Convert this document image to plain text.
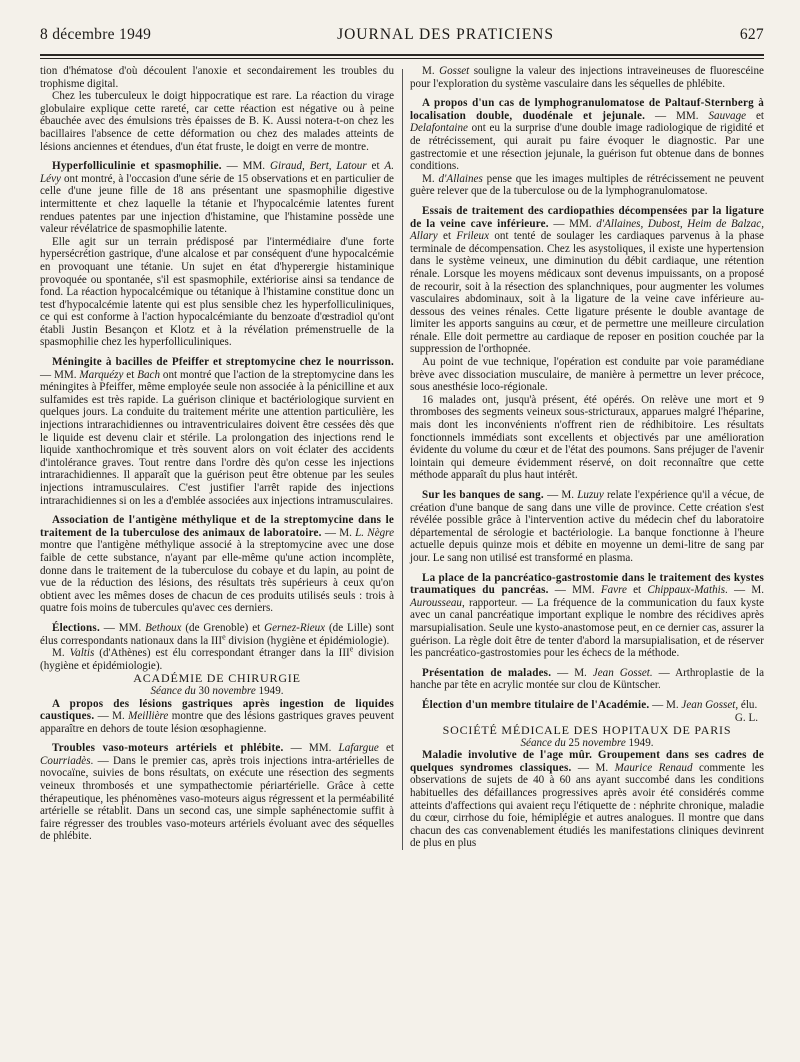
8 décembre 1949	JOURNAL DES PRATICIENS	627

tion d'hématose d'où découlent l'anoxie et secondairement les troubles du trophisme digital.

Chez les tuberculeux le doigt hippocratique est rare. La réaction du virage globulaire explique cette rareté, car cette réaction est négative ou à peine ébauchée avec des émulsions très épaisses de B. K. Aussi notera-t-on chez les bacillaires l'absence de cette déformation ou chez des malades atteints de lésions anciennes et étendues, d'un état fruste, le doigt en verre de montre.

Hyperfolliculinie et spasmophilie. — MM. Giraud, Bert, Latour et A. Lévy ont montré, à l'occasion d'une série de 15 observations et en particulier de celle d'une jeune fille de 18 ans présentant une spasmophilie digestive intermittente et chez laquelle la tétanie et l'hypocalcémie latentes furent rendues patentes par une injection d'histamine, que l'histamine possède une valeur révélatrice de spasmophilie latente.

Elle agit sur un terrain prédisposé par l'intermédiaire d'une forte hypersécrétion gastrique, d'une alcalose et par conséquent d'une hypocalcémie en provoquant une tétanie. Un sujet en état d'hyperergie histaminique provoquée ou spontanée, s'il est spasmophile, extériorise ainsi sa tendance de fond. La réaction hypocalcémique ou tétanique à l'histamine constitue donc un test d'hypocalcémie latente qui est plus sensible chez les hyperfolliculiniques, ce qui est conforme à l'action hypocalcémiante du benzoate d'œstradiol qu'ont établi Justin Besançon et Klotz et à la révélation prémenstruelle de la spasmophilie chez les hyperfolliculiniques.

Méningite à bacilles de Pfeiffer et streptomycine chez le nourrisson. — MM. Marquézy et Bach ont montré que l'action de la streptomycine dans les méningites à Pfeiffer, même employée seule non associée à la pénicilline et aux sulfamides est très rapide. La guérison clinique et bactériologique survient en quelques jours. La conduite du traitement mérite une attention particulière, les injections intrarachidiennes ou intraventriculaires doivent être cessées dès que le liquide est devenu clair et stérile. La prolongation des injections rend le liquide xanthochromique et très souvent alors on voit éclater des accidents d'intolérance graves. Tout rentre dans l'ordre dès qu'on cesse les injections intrarachidiennes. Il apparaît que la guérison peut être obtenue par les seules injections intramusculaires. C'est justifier l'arrêt rapide des injections intrarachidiennes si on les a d'emblée associées aux injections intramusculaires.

Association de l'antigène méthylique et de la streptomycine dans le traitement de la tuberculose des animaux de laboratoire. — M. L. Nègre montre que l'antigène méthylique associé à la streptomycine avec une dose faible de cette substance, n'ayant par elle-même qu'une action incomplète, donne dans le traitement de la tuberculose du cobaye et du lapin, au point de vue de la réduction des lésions, des résultats très supérieurs à ceux qu'on obtient avec les mêmes doses de chacun de ces produits utilisés seuls : trois à quatre fois moins de tubercules qu'avec ces derniers.

Élections. — MM. Bethoux (de Grenoble) et Gernez-Rieux (de Lille) sont élus correspondants nationaux dans la IIIe division (hygiène et épidémiologie).

M. Valtis (d'Athènes) est élu correspondant étranger dans la IIIe division (hygiène et épidémiologie).

ACADÉMIE DE CHIRURGIE

Séance du 30 novembre 1949.

A propos des lésions gastriques après ingestion de liquides caustiques. — M. Meillière montre que des lésions gastriques graves peuvent apparaître en dehors de toute lésion œsophagienne.

Troubles vaso-moteurs artériels et phlébite. — MM. Lafargue et Courriadès. — Dans le premier cas, après trois injections intra-artérielles de novocaïne, suivies de bons résultats, on exécute une résection des segments veineux thrombosés et une sympathectomie périartérielle. Grâce à cette thérapeutique, les phénomènes vaso-moteurs aigus régressent et la perméabilité artérielle se rétablit. Dans un second cas, une simple saphénectomie suffit à faire régresser des troubles vaso-moteurs artériels évoluant avec des séquelles de phlébite.

M. Gosset souligne la valeur des injections intraveineuses de fluorescéine pour l'exploration du système vasculaire dans les séquelles de phlébite.

A propos d'un cas de lymphogranulomatose de Paltauf-Sternberg à localisation double, duodénale et jejunale. — MM. Sauvage et Delafontaine ont eu la surprise d'une double image radiologique de rigidité et de rétrécissement, qui aurait pu faire évoquer le diagnostic. Par une gastrectomie et une résection jejunale, la guérison fut obtenue dans de bonnes conditions.

M. d'Allaines pense que les images multiples de rétrécissement ne peuvent guère relever que de la tuberculose ou de la lymphogranulomatose.

Essais de traitement des cardiopathies décompensées par la ligature de la veine cave inférieure. — MM. d'Allaines, Dubost, Heim de Balzac, Allary et Frileux ont tenté de soulager les cardiaques parvenus à la phase terminale de décompensation. Chez les asystoliques, il existe une hypertension dans le système veineux, une diminution du débit cardiaque, une rétention rénale. Lorsque les moyens médicaux sont devenus impuissants, on a proposé de recourir, soit à la résection des splanchniques, pour augmenter les volumes vasculaires abdominaux, soit à la ligature de la veine cave inférieure au-dessous des veines rénales. Cette ligature présente le double avantage de limiter les apports sanguins au cœur, et de permettre une meilleure circulation rénale. Elle doit permettre au cardiaque de reposer en position couchée par la suppression de l'orthopnée.

Au point de vue technique, l'opération est conduite par voie paramédiane brève avec dissociation musculaire, de manière à permettre un lever précoce, sous anesthésie loco-régionale.

16 malades ont, jusqu'à présent, été opérés. On relève une mort et 9 thromboses des segments veineux sous-stricturaux, apparues malgré l'héparine, mais dont les inconvénients n'offrent rien de rédhibitoire. Les résultats fonctionnels immédiats sont excellents et objectivés par une amélioration évidente du volume du cœur et de l'état des poumons. Sans préjuger de l'avenir lointain qui demeure évidemment réservé, on doit reconnaître que cette méthode apparaît du plus haut intérêt.

Sur les banques de sang. — M. Luzuy relate l'expérience qu'il a vécue, de création d'une banque de sang dans une ville de province. Cette création s'est révélée possible grâce à l'intervention active du médecin chef du laboratoire départemental de sérologie et bactériologie. La banque fonctionne à l'heure actuelle depuis quinze mois et débite en moyenne un demi-litre de sang par jour. Le sang non utilisé est transformé en plasma.

La place de la pancréatico-gastrostomie dans le traitement des kystes traumatiques du pancréas. — MM. Favre et Chippaux-Mathis. — M. Aurousseau, rapporteur. — La fréquence de la communication du faux kyste avec un canal pancréatique important explique le nombre des récidives après marsupialisation. Seule une kysto-anastomose peut, en ce dernier cas, assurer la guérison. La règle doit être de tenter d'abord la marsupialisation, et de réserver les pancréatico-gastrostomies pour les échecs de la méthode.

Présentation de malades. — M. Jean Gosset. — Arthroplastie de la hanche par tête en acrylic montée sur clou de Küntscher.

Élection d'un membre titulaire de l'Académie. — M. Jean Gosset, élu.

G. L.

SOCIÉTÉ MÉDICALE DES HOPITAUX DE PARIS

Séance du 25 novembre 1949.

Maladie involutive de l'age mûr. Groupement dans ses cadres de quelques syndromes classiques. — M. Maurice Renaud commente les observations de sujets de 40 à 60 ans ayant succombé dans les conditions habituelles des défaillances progressives après avoir été considérés comme atteints d'affections qui avaient reçu l'étiquette de : néphrite chronique, maladie du cœur, cirrhose du foie, hémiplégie et autres analogues. Il montre que dans chacun des cas convenablement étudiés les manifestations cliniques devinrent de plus en plus
